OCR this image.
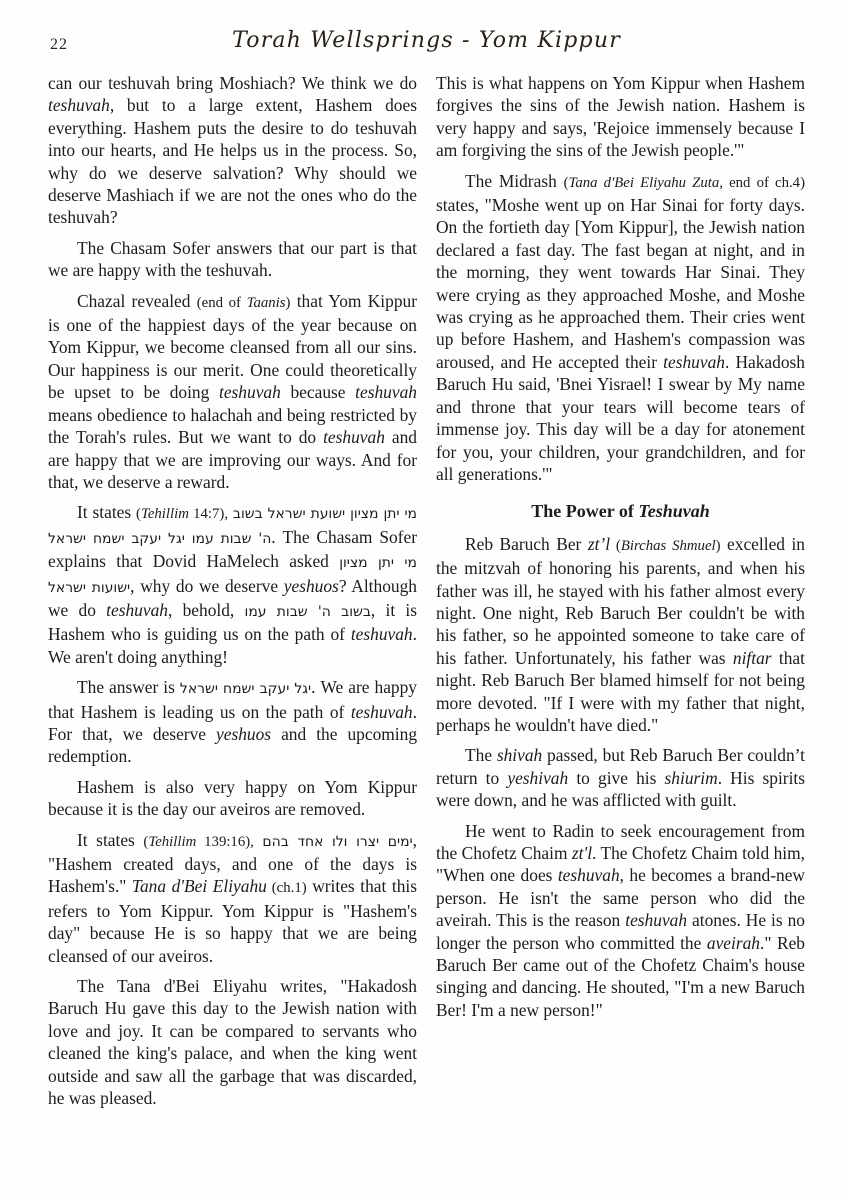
22	Torah Wellsprings - Yom Kippur

can our teshuvah bring Moshiach? We think we do teshuvah, but to a large extent, Hashem does everything. Hashem puts the desire to do teshuvah into our hearts, and He helps us in the process. So, why do we deserve salvation? Why should we deserve Mashiach if we are not the ones who do the teshuvah?

The Chasam Sofer answers that our part is that we are happy with the teshuvah.

Chazal revealed (end of Taanis) that Yom Kippur is one of the happiest days of the year because on Yom Kippur, we become cleansed from all our sins. Our happiness is our merit. One could theoretically be upset to be doing teshuvah because teshuvah means obedience to halachah and being restricted by the Torah's rules. But we want to do teshuvah and are happy that we are improving our ways. And for that, we deserve a reward.

It states (Tehillim 14:7), מי יתן מציון ישועת ישראל בשוב ה' שבות עמו יגל יעקב ישמח ישראל. The Chasam Sofer explains that Dovid HaMelech asked מי יתן מציון ישועות ישראל, why do we deserve yeshuos? Although we do teshuvah, behold, בשוב ה' שבות עמו, it is Hashem who is guiding us on the path of teshuvah. We aren't doing anything!

The answer is יגל יעקב ישמח ישראל. We are happy that Hashem is leading us on the path of teshuvah. For that, we deserve yeshuos and the upcoming redemption.

Hashem is also very happy on Yom Kippur because it is the day our aveiros are removed.

It states (Tehillim 139:16), ימים יצרו ולו אחד בהם, "Hashem created days, and one of the days is Hashem's." Tana d'Bei Eliyahu (ch.1) writes that this refers to Yom Kippur. Yom Kippur is "Hashem's day" because He is so happy that we are being cleansed of our aveiros.

The Tana d'Bei Eliyahu writes, "Hakadosh Baruch Hu gave this day to the Jewish nation with love and joy. It can be compared to servants who cleaned the king's palace, and when the king went outside and saw all the garbage that was discarded, he was pleased.

This is what happens on Yom Kippur when Hashem forgives the sins of the Jewish nation. Hashem is very happy and says, 'Rejoice immensely because I am forgiving the sins of the Jewish people.'"

The Midrash (Tana d'Bei Eliyahu Zuta, end of ch.4) states, "Moshe went up on Har Sinai for forty days. On the fortieth day [Yom Kippur], the Jewish nation declared a fast day. The fast began at night, and in the morning, they went towards Har Sinai. They were crying as they approached Moshe, and Moshe was crying as he approached them. Their cries went up before Hashem, and Hashem's compassion was aroused, and He accepted their teshuvah. Hakadosh Baruch Hu said, 'Bnei Yisrael! I swear by My name and throne that your tears will become tears of immense joy. This day will be a day for atonement for you, your children, your grandchildren, and for all generations.'"

The Power of Teshuvah

Reb Baruch Ber zt’l (Birchas Shmuel) excelled in the mitzvah of honoring his parents, and when his father was ill, he stayed with his father almost every night. One night, Reb Baruch Ber couldn't be with his father, so he appointed someone to take care of his father. Unfortunately, his father was niftar that night. Reb Baruch Ber blamed himself for not being more devoted. "If I were with my father that night, perhaps he wouldn't have died."

The shivah passed, but Reb Baruch Ber couldn’t return to yeshivah to give his shiurim. His spirits were down, and he was afflicted with guilt.

He went to Radin to seek encouragement from the Chofetz Chaim zt'l. The Chofetz Chaim told him, "When one does teshuvah, he becomes a brand-new person. He isn't the same person who did the aveirah. This is the reason teshuvah atones. He is no longer the person who committed the aveirah." Reb Baruch Ber came out of the Chofetz Chaim's house singing and dancing. He shouted, "I'm a new Baruch Ber! I'm a new person!"
